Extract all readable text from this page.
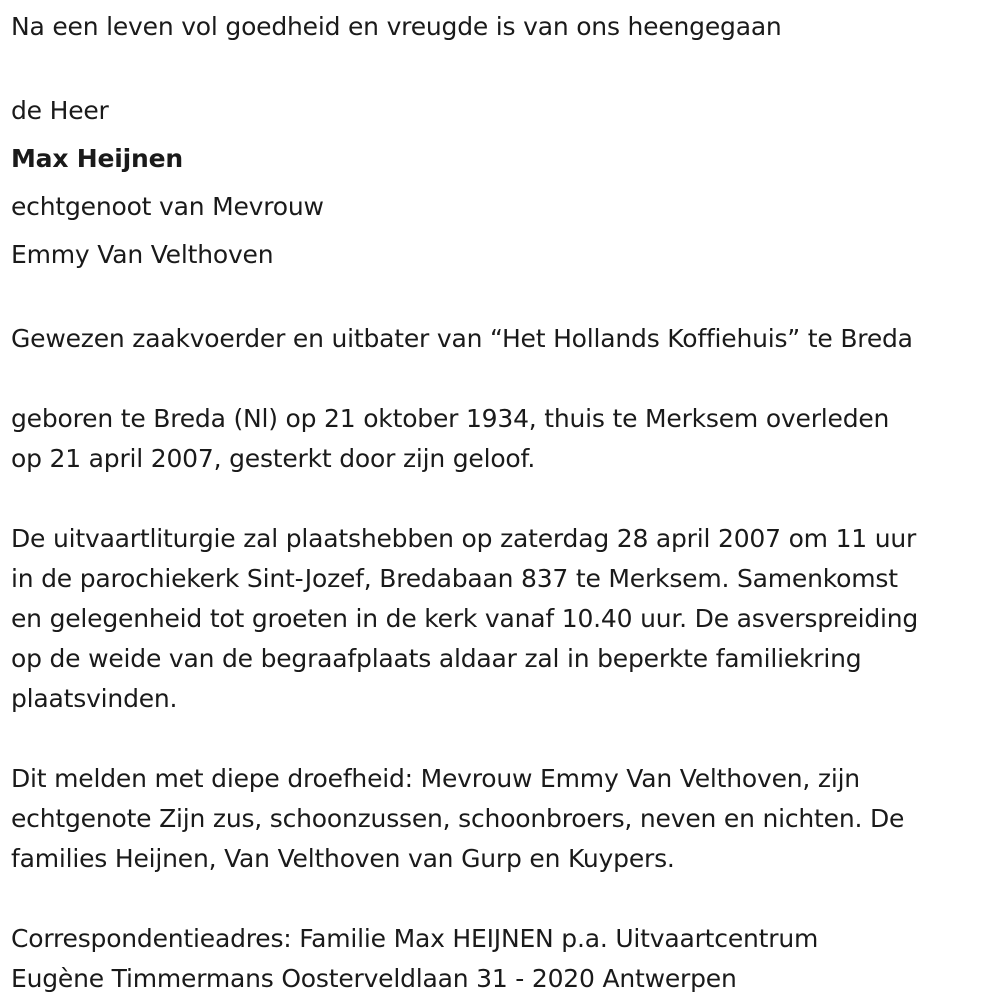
Na een leven vol goedheid en vreugde is van ons heengegaan
de Heer
Max Heijnen
echtgenoot van Mevrouw
Emmy Van Velthoven
Gewezen zaakvoerder en uitbater van “Het Hollands Koffiehuis” te Breda
geboren te Breda (Nl) op 21 oktober 1934, thuis te Merksem overleden
op 21 april 2007, gesterkt door zijn geloof.
De uitvaartliturgie zal plaatshebben op zaterdag 28 april 2007 om 11 uur
in de parochiekerk Sint-Jozef, Bredabaan 837 te Merksem. Samenkomst
en gelegenheid tot groeten in de kerk vanaf 10.40 uur. De asverspreiding
op de weide van de begraafplaats aldaar zal in beperkte familiekring
plaatsvinden.
Dit melden met diepe droefheid: Mevrouw Emmy Van Velthoven, zijn
echtgenote Zijn zus, schoonzussen, schoonbroers, neven en nichten. De
families Heijnen, Van Velthoven van Gurp en Kuypers.
Correspondentieadres: Familie Max HEIJNEN p.a. Uitvaartcentrum
Eugène Timmermans Oosterveldlaan 31 - 2020 Antwerpen
